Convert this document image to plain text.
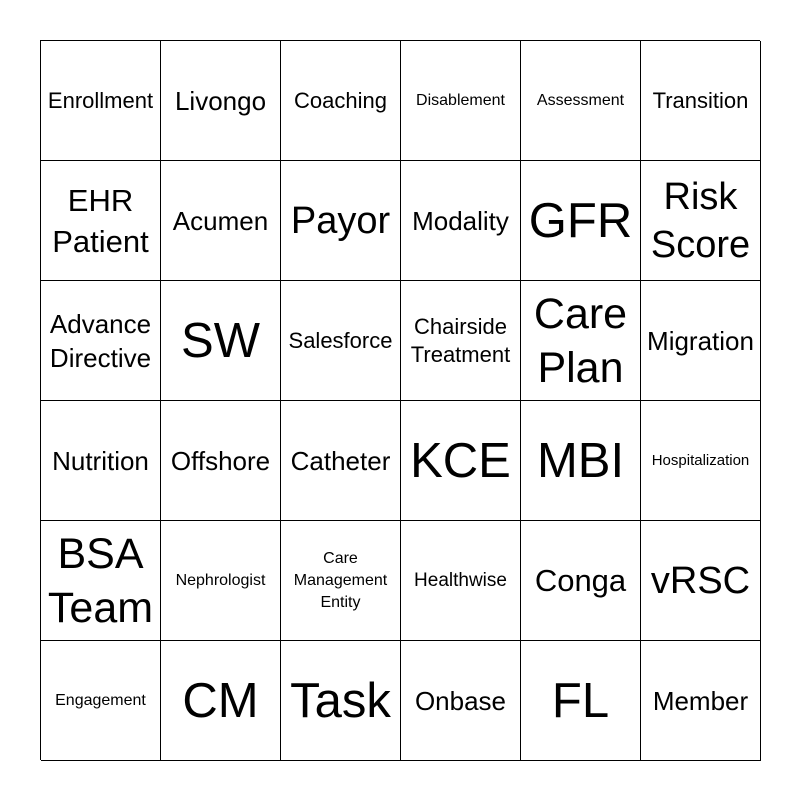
Enrollment Livongo Coaching Disablement Assessment Transition
EHR
Patient
Acumen Payor Modality GFR Risk
Score
Advance
Directive SW Salesforce
Chairside
Treatment
Care
Plan
Migration
Nutrition Offshore Catheter KCE MBI Hospitalization
BSA
Team
Nephrologist
Care
Management
Entity
Healthwise Conga vRSC
Engagement CM Task Onbase FL Member
